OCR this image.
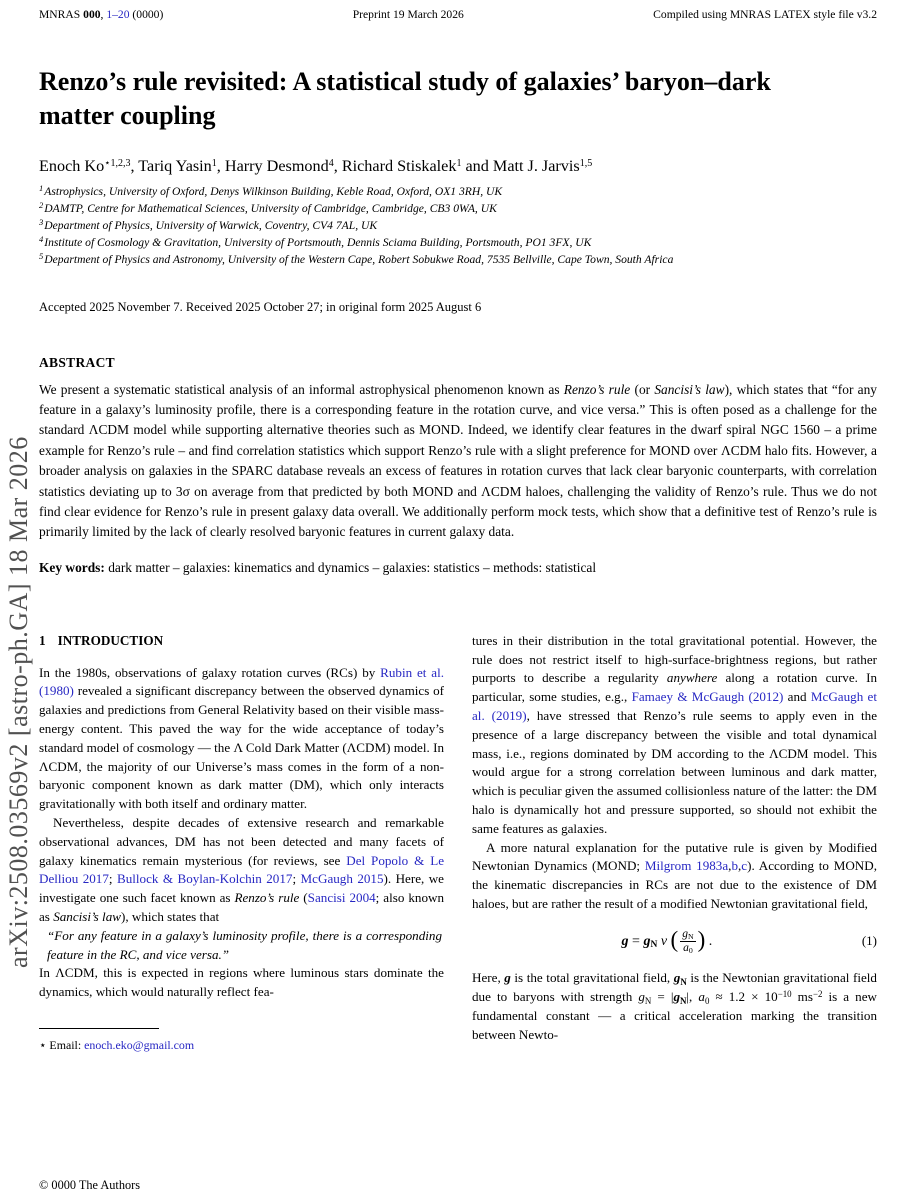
arXiv:2508.03569v2 [astro-ph.GA] 18 Mar 2026
MNRAS 000, 1–20 (0000)	Preprint 19 March 2026	Compiled using MNRAS LATEX style file v3.2
Renzo’s rule revisited: A statistical study of galaxies’ baryon–dark matter coupling
Enoch $Ko^{⋆1,2,3}$, Tariq Yasin$^1$, Harry Desmond$^4$, Richard Stiskalek$^1$ and Matt J. Jarvis$^{1,5}$
$^1$Astrophysics, University of Oxford, Denys Wilkinson Building, Keble Road, Oxford, OX1 3RH, UK
$^2$DAMTP, Centre for Mathematical Sciences, University of Cambridge, Cambridge, CB3 0WA, UK
$^3$Department of Physics, University of Warwick, Coventry, CV4 7AL, UK
$^4$Institute of Cosmology & Gravitation, University of Portsmouth, Dennis Sciama Building, Portsmouth, PO1 3FX, UK
$^5$Department of Physics and Astronomy, University of the Western Cape, Robert Sobukwe Road, 7535 Bellville, Cape Town, South Africa
Accepted 2025 November 7. Received 2025 October 27; in original form 2025 August 6
ABSTRACT

We present a systematic statistical analysis of an informal astrophysical phenomenon known as Renzo’s rule (or Sancisi’s law), which states that “for any feature in a galaxy’s luminosity profile, there is a corresponding feature in the rotation curve, and vice versa.” This is often posed as a challenge for the standard ΛCDM model while supporting alternative theories such as MOND. Indeed, we identify clear features in the dwarf spiral NGC 1560 – a prime example for Renzo’s rule – and find correlation statistics which support Renzo’s rule with a slight preference for MOND over ΛCDM halo fits. However, a broader analysis on galaxies in the SPARC database reveals an excess of features in rotation curves that lack clear baryonic counterparts, with correlation statistics deviating up to 3σ on average from that predicted by both MOND and ΛCDM haloes, challenging the validity of Renzo’s rule. Thus we do not find clear evidence for Renzo’s rule in present galaxy data overall. We additionally perform mock tests, which show that a definitive test of Renzo’s rule is primarily limited by the lack of clearly resolved baryonic features in current galaxy data.

Key words: dark matter – galaxies: kinematics and dynamics – galaxies: statistics – methods: statistical
1 INTRODUCTION

In the 1980s, observations of galaxy rotation curves (RCs) by Rubin et al. (1980) revealed a significant discrepancy between the observed dynamics of galaxies and predictions from General Relativity based on their visible mass-energy content. This paved the way for the wide acceptance of today’s standard model of cosmology — the Λ Cold Dark Matter (ΛCDM) model. In ΛCDM, the majority of our Universe’s mass comes in the form of a non-baryonic component known as dark matter (DM), which only interacts gravitationally with both itself and ordinary matter.

Nevertheless, despite decades of extensive research and remarkable observational advances, DM has not been detected and many facets of galaxy kinematics remain mysterious (for reviews, see Del Popolo & Le Delliou 2017; Bullock & Boylan-Kolchin 2017; McGaugh 2015). Here, we investigate one such facet known as Renzo’s rule (Sancisi 2004; also known as Sancisi’s law), which states that

“For any feature in a galaxy’s luminosity profile, there is a corresponding feature in the RC, and vice versa.”

In ΛCDM, this is expected in regions where luminous stars dominate the dynamics, which would naturally reflect fea-

⋆ Email: enoch.eko@gmail.com

tures in their distribution in the total gravitational potential. However, the rule does not restrict itself to high-surface-brightness regions, but rather purports to describe a regularity anywhere along a rotation curve. In particular, some studies, e.g., Famaey & McGaugh (2012) and McGaugh et al. (2019), have stressed that Renzo’s rule seems to apply even in the presence of a large discrepancy between the visible and total dynamical mass, i.e., regions dominated by DM according to the ΛCDM model. This would argue for a strong correlation between luminous and dark matter, which is peculiar given the assumed collisionless nature of the latter: the DM halo is dynamically hot and pressure supported, so should not exhibit the same features as galaxies.

A more natural explanation for the putative rule is given by Modified Newtonian Dynamics (MOND; Milgrom 1983a,b,c). According to MOND, the kinematic discrepancies in RCs are not due to the existence of DM haloes, but are rather the result of a modified Newtonian gravitational field,

$g = g_N$ ν ( $\frac{g_N}{a_0}$ ) .	(1)

Here, g is the total gravitational field, $g_N$ is the Newtonian gravitational field due to baryons with strength $g_N = |g_N|$, $a_0 \approx 1.2 \times 10^{-10}$ $ms^{-2}$ is a new fundamental constant — a critical acceleration marking the transition between Newto-

© 0000 The Authors
